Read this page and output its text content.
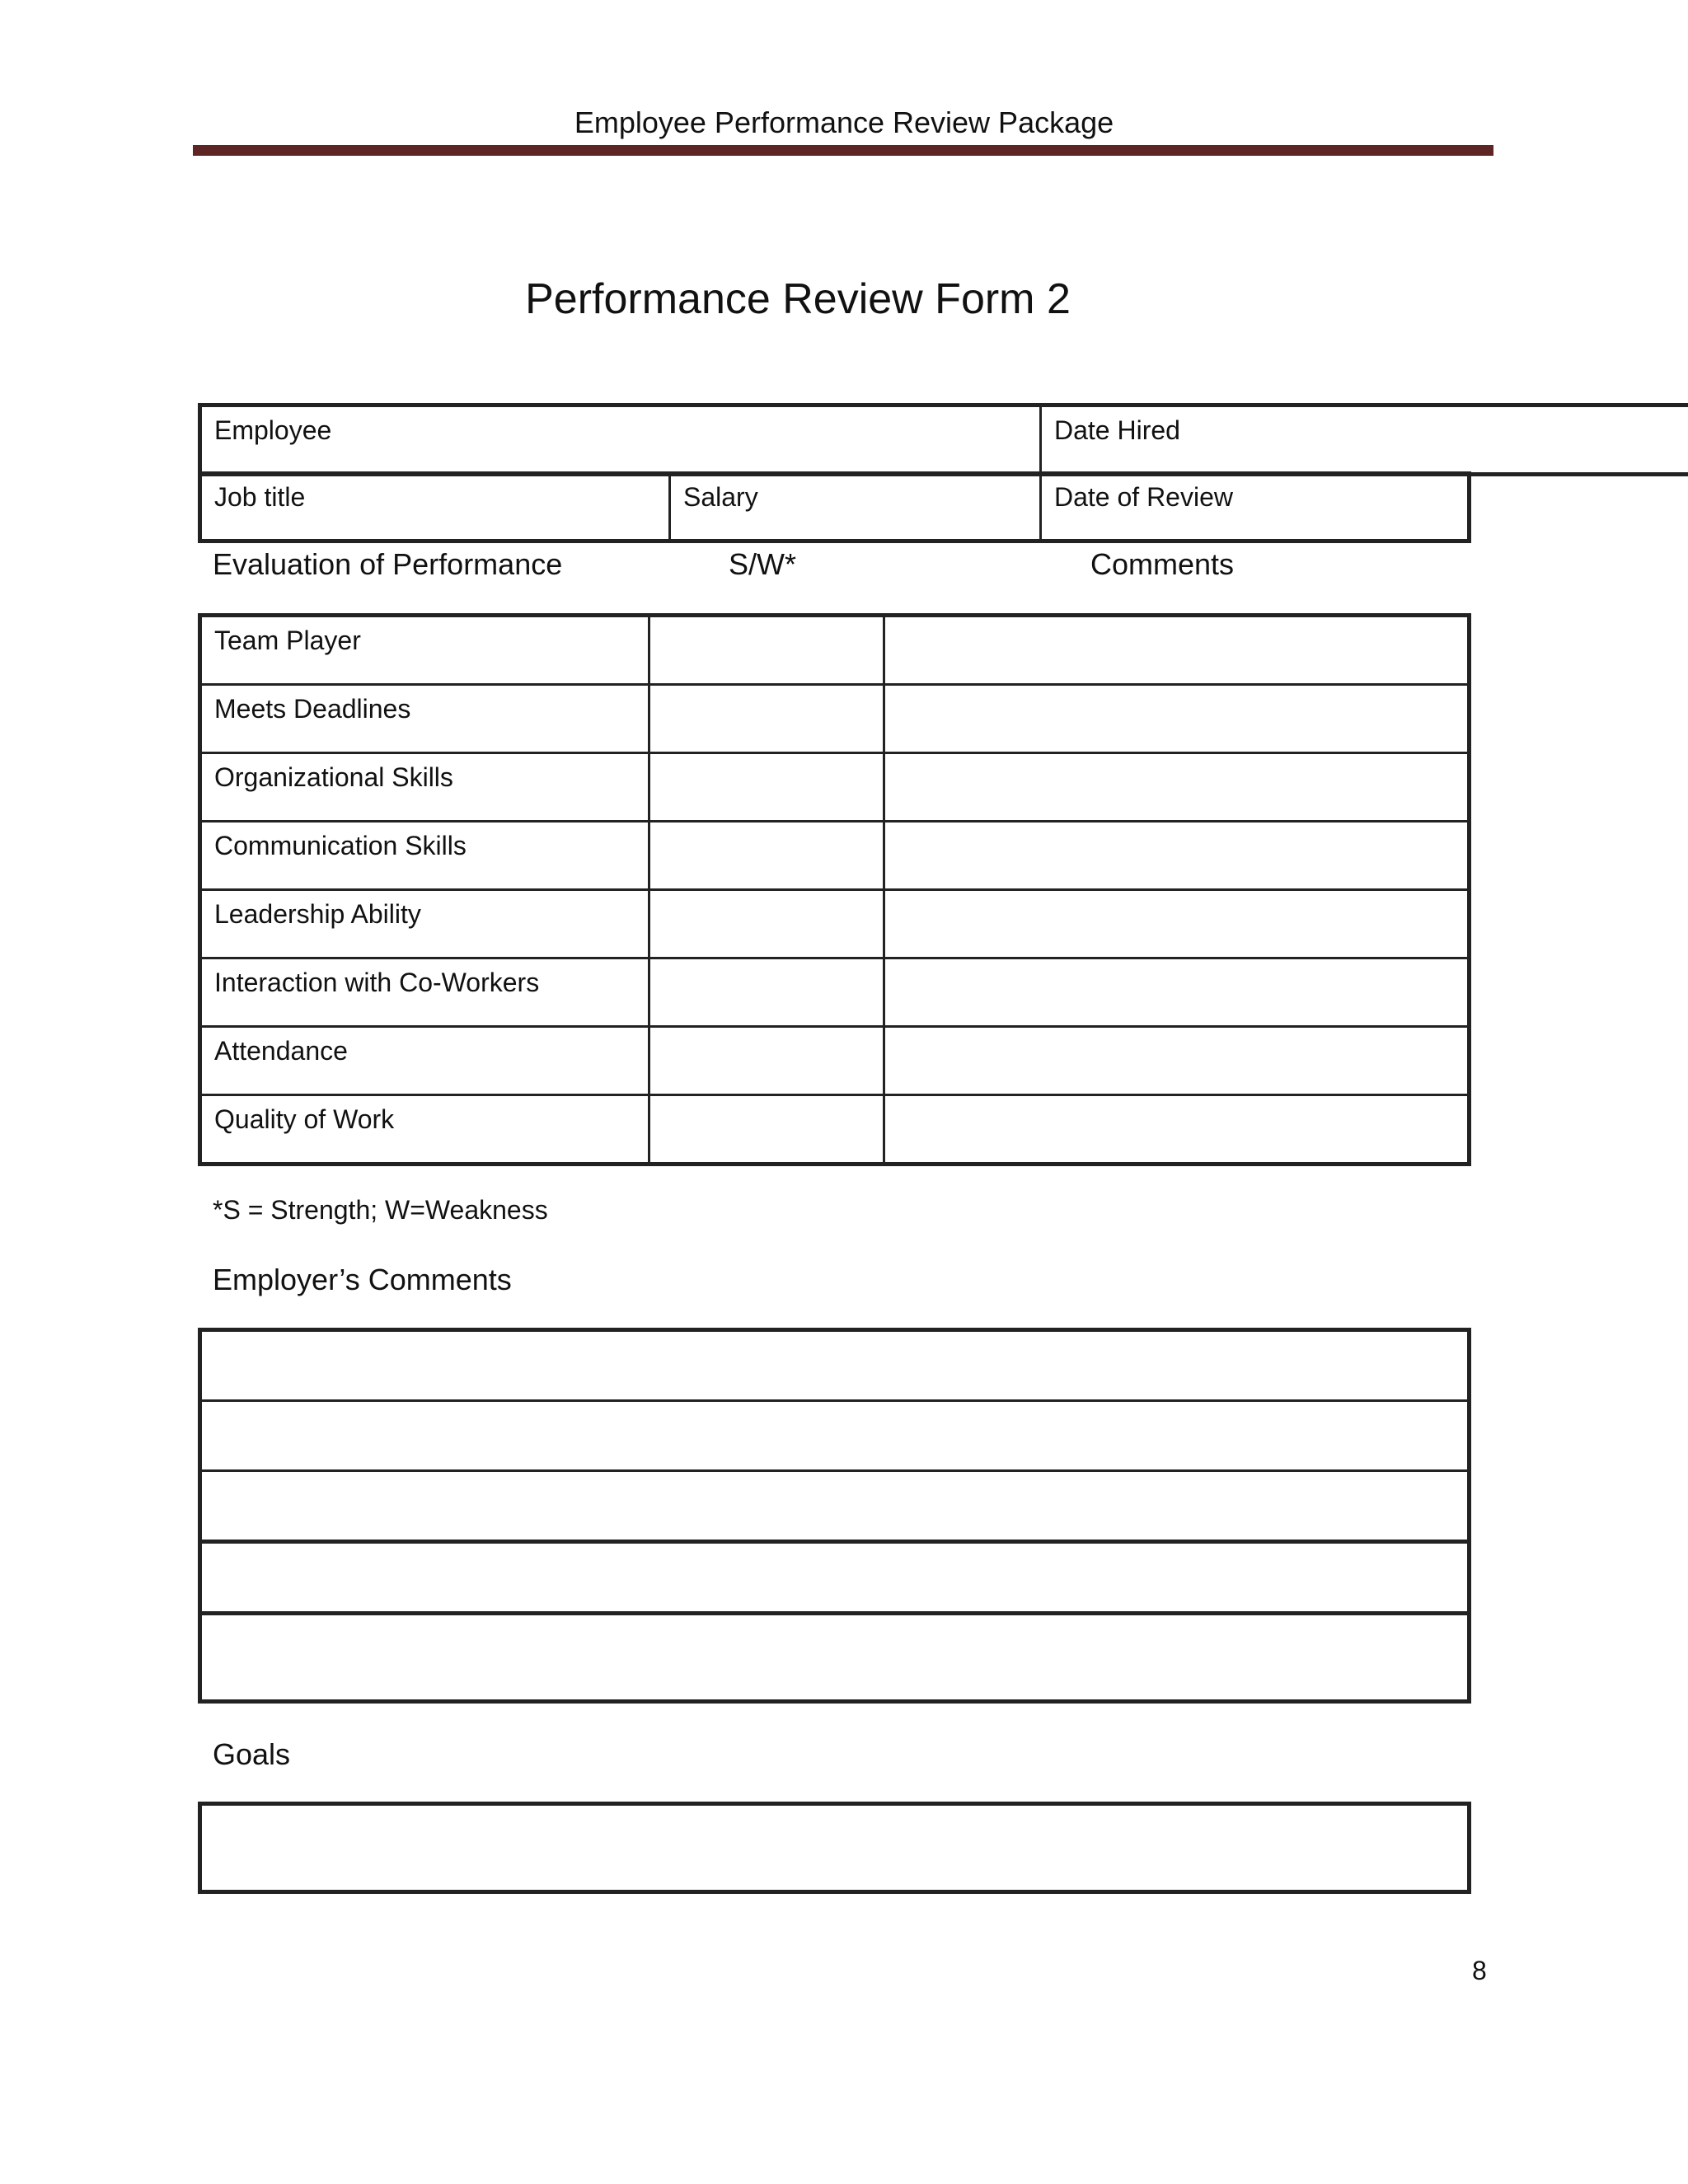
Employee Performance Review Package
Performance Review Form 2
Employee	Date Hired
Job title	Salary	Date of Review
Evaluation of Performance	S/W*	Comments
Team Player		

Meets Deadlines		

Organizational Skills		

Communication Skills		

Leadership Ability		

Interaction with Co-Workers		

Attendance		

Quality of Work		

*S = Strength; W=Weakness
Employer’s Comments

Goals
8
